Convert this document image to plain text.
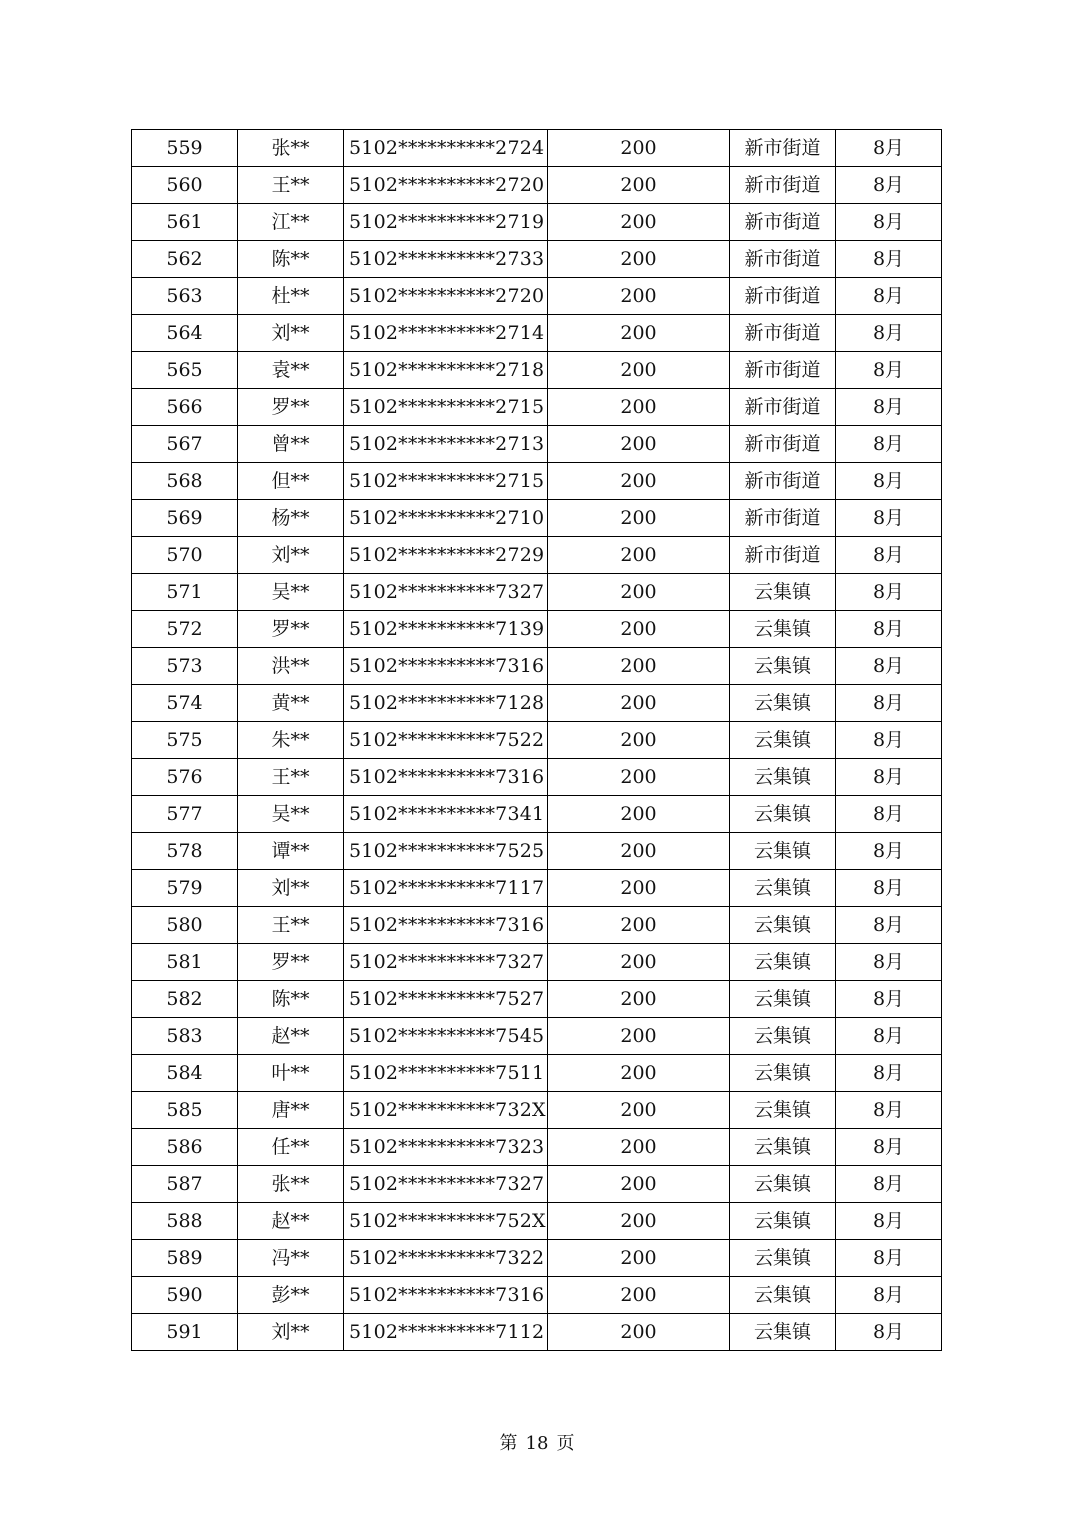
559	张**	5102**********2724	200	新市街道	8月
560	王**	5102**********2720	200	新市街道	8月
561	江**	5102**********2719	200	新市街道	8月
562	陈**	5102**********2733	200	新市街道	8月
563	杜**	5102**********2720	200	新市街道	8月
564	刘**	5102**********2714	200	新市街道	8月
565	袁**	5102**********2718	200	新市街道	8月
566	罗**	5102**********2715	200	新市街道	8月
567	曾**	5102**********2713	200	新市街道	8月
568	但**	5102**********2715	200	新市街道	8月
569	杨**	5102**********2710	200	新市街道	8月
570	刘**	5102**********2729	200	新市街道	8月
571	吴**	5102**********7327	200	云集镇	8月
572	罗**	5102**********7139	200	云集镇	8月
573	洪**	5102**********7316	200	云集镇	8月
574	黄**	5102**********7128	200	云集镇	8月
575	朱**	5102**********7522	200	云集镇	8月
576	王**	5102**********7316	200	云集镇	8月
577	吴**	5102**********7341	200	云集镇	8月
578	谭**	5102**********7525	200	云集镇	8月
579	刘**	5102**********7117	200	云集镇	8月
580	王**	5102**********7316	200	云集镇	8月
581	罗**	5102**********7327	200	云集镇	8月
582	陈**	5102**********7527	200	云集镇	8月
583	赵**	5102**********7545	200	云集镇	8月
584	叶**	5102**********7511	200	云集镇	8月
585	唐**	5102**********732X	200	云集镇	8月
586	任**	5102**********7323	200	云集镇	8月
587	张**	5102**********7327	200	云集镇	8月
588	赵**	5102**********752X	200	云集镇	8月
589	冯**	5102**********7322	200	云集镇	8月
590	彭**	5102**********7316	200	云集镇	8月
591	刘**	5102**********7112	200	云集镇	8月
第 18 页
